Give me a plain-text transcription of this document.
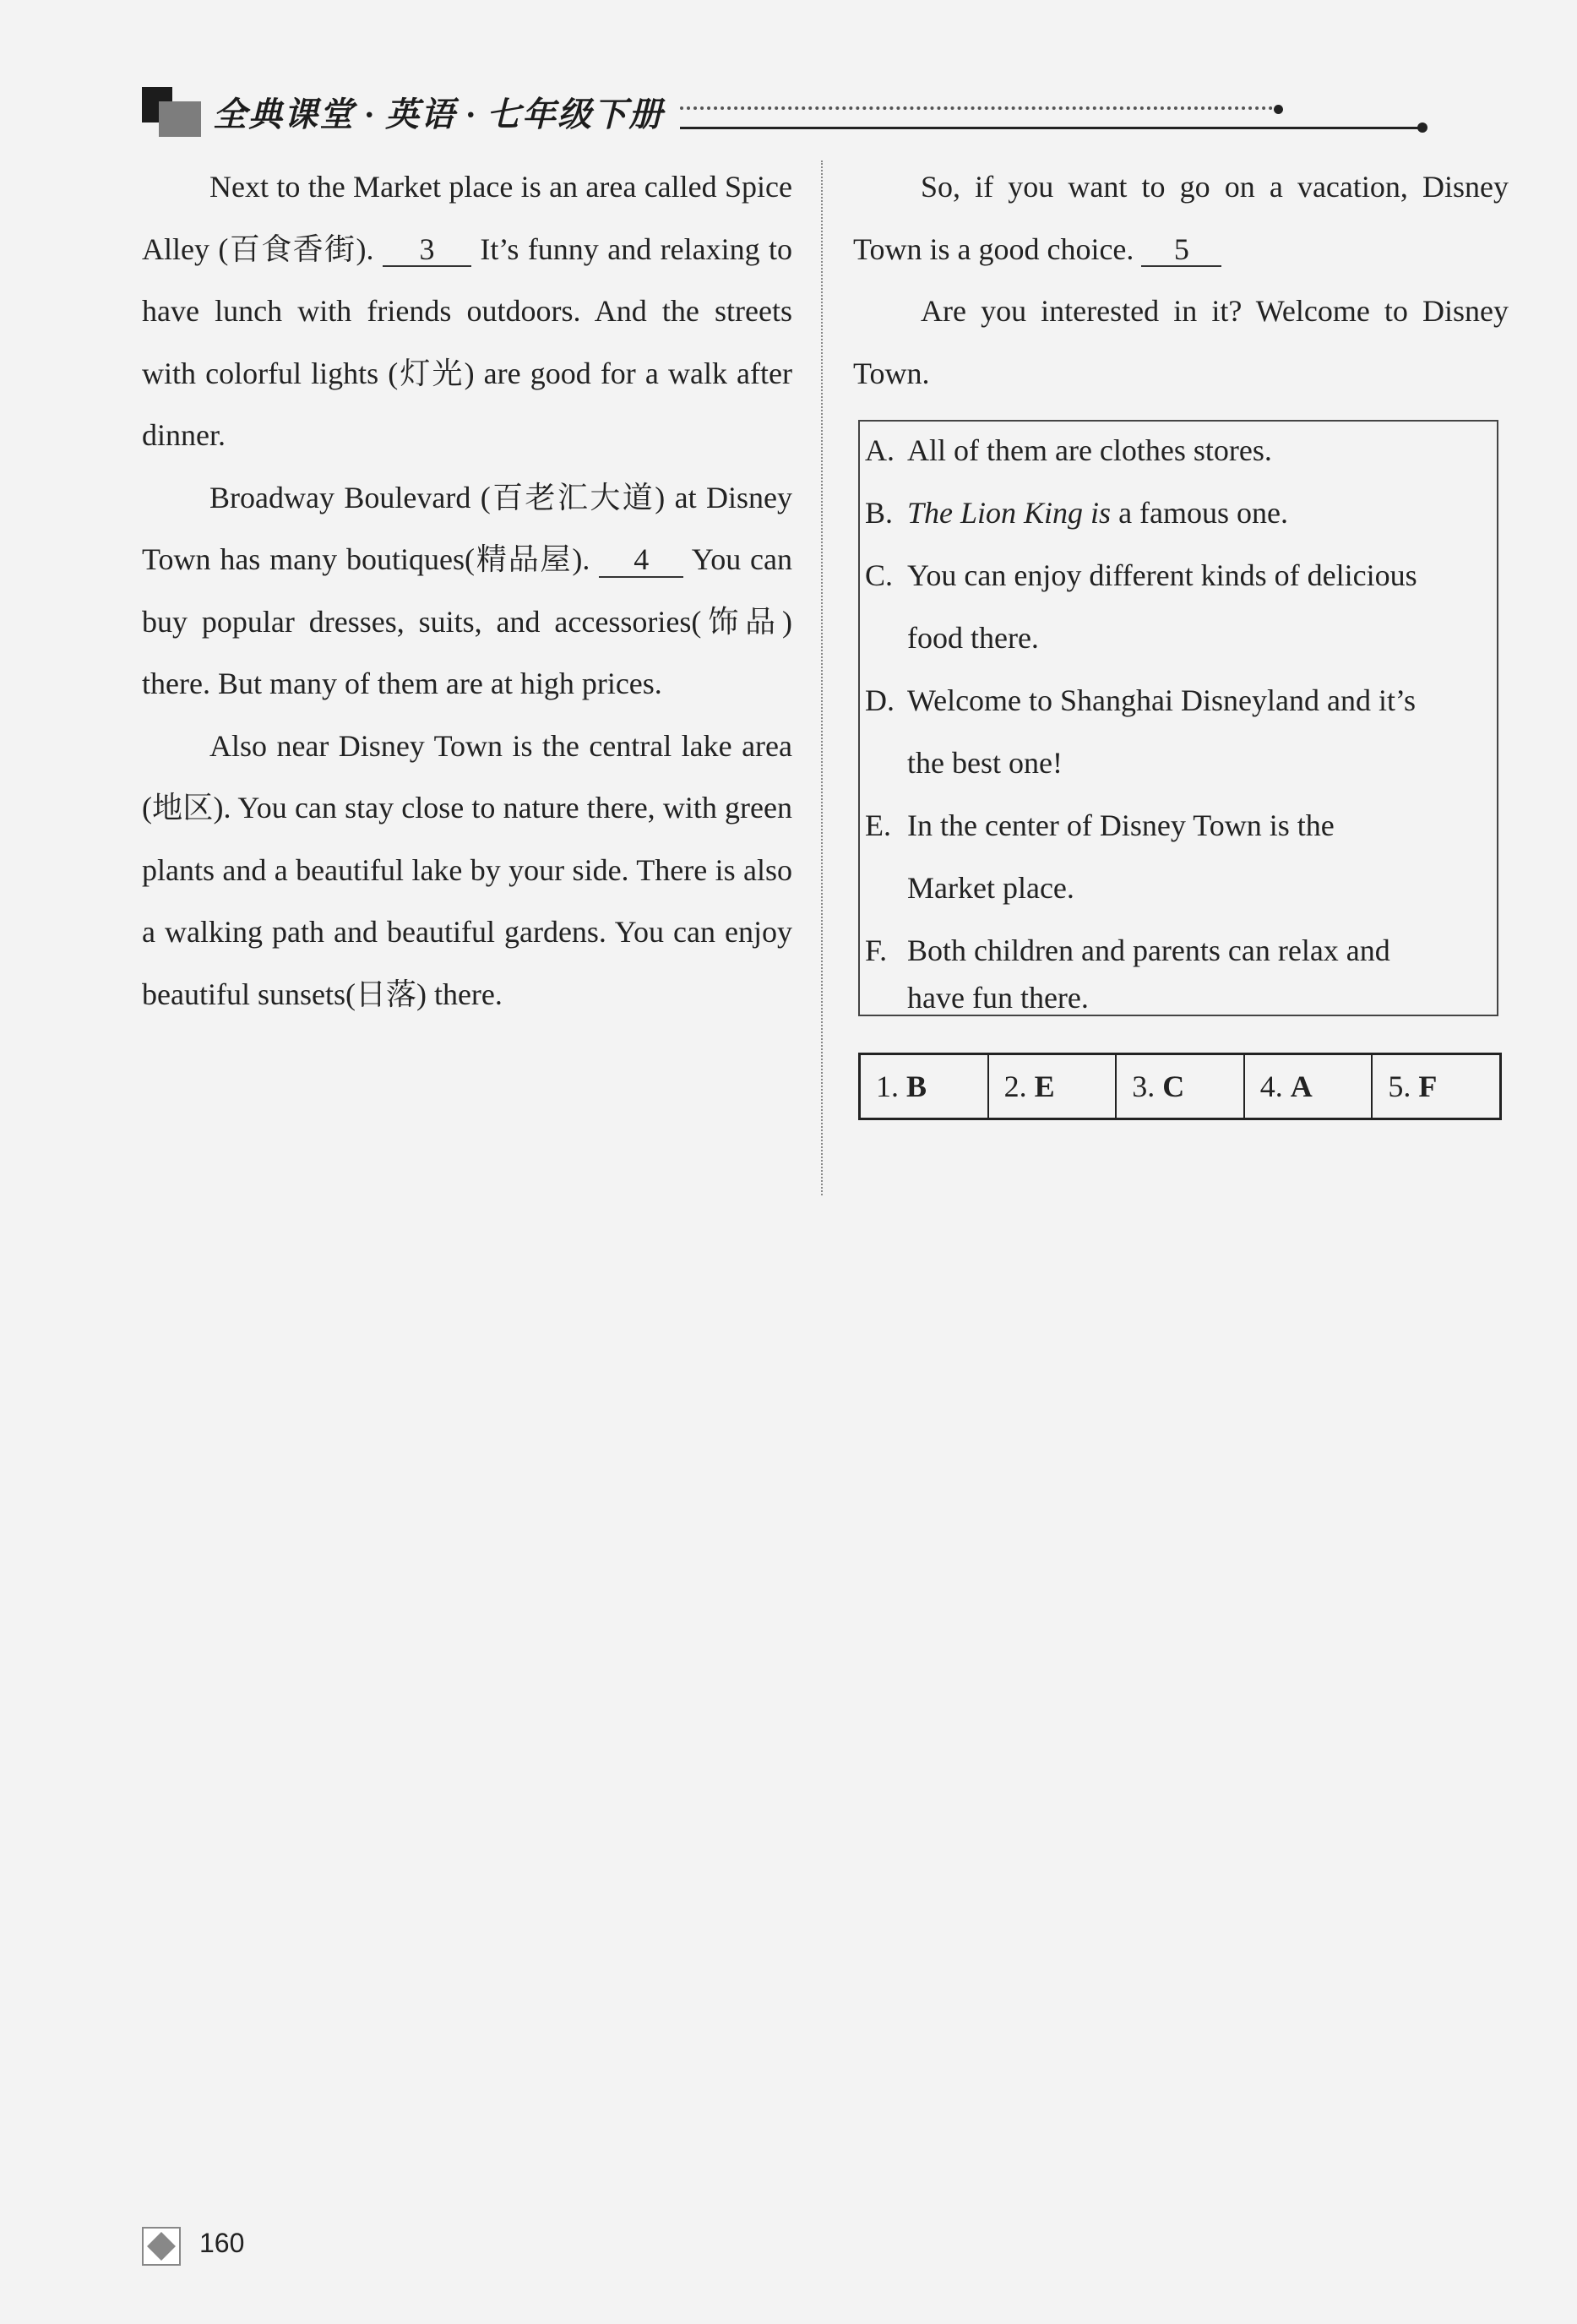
全典课堂 · 英语 · 七年级下册

Next to the Market place is an area called Spice Alley (百食香街). 3 It’s funny and relaxing to have lunch with friends outdoors. And the streets with colorful lights (灯光) are good for a walk after dinner.

Broadway Boulevard (百老汇大道) at Disney Town has many boutiques(精品屋). 4 You can buy popular dresses, suits, and accessories(饰品) there. But many of them are at high prices.

Also near Disney Town is the central lake area (地区). You can stay close to nature there, with green plants and a beautiful lake by your side. There is also a walking path and beautiful gardens. You can enjoy beautiful sunsets(日落) there.

So, if you want to go on a vacation, Disney Town is a good choice. 5

Are you interested in it? Welcome to Disney Town.

A. All of them are clothes stores.
B. The Lion King is a famous one.
C. You can enjoy different kinds of delicious
food there.
D. Welcome to Shanghai Disneyland and it’s
the best one!
E. In the center of Disney Town is the
Market place.
F. Both children and parents can relax and
have fun there.
1. B	2. E	3. C	4. A	5. F
160
